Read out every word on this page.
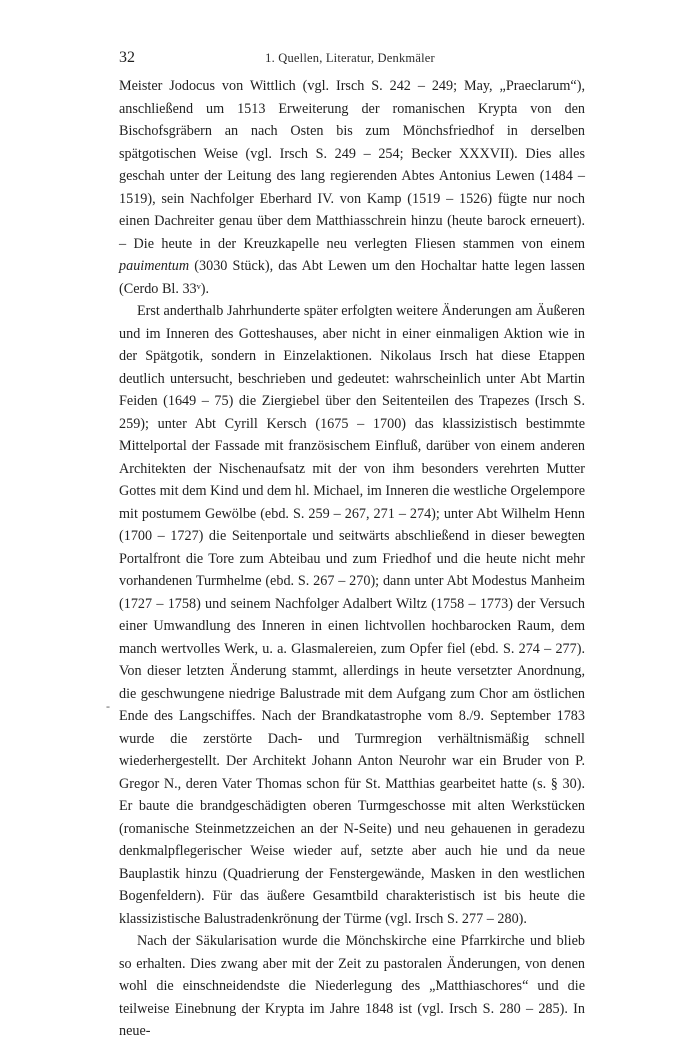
32	1. Quellen, Literatur, Denkmäler
-

Meister Jodocus von Wittlich (vgl. Irsch S. 242 – 249; May, „Praeclarum“), anschließend um 1513 Erweiterung der romanischen Krypta von den Bischofsgräbern an nach Osten bis zum Mönchsfriedhof in derselben spätgotischen Weise (vgl. Irsch S. 249 – 254; Becker XXXVII). Dies alles geschah unter der Leitung des lang regierenden Abtes Antonius Lewen (1484 – 1519), sein Nachfolger Eberhard IV. von Kamp (1519 – 1526) fügte nur noch einen Dachreiter genau über dem Matthiasschrein hinzu (heute barock erneuert). – Die heute in der Kreuzkapelle neu verlegten Fliesen stammen von einem pauimentum (3030 Stück), das Abt Lewen um den Hochaltar hatte legen lassen (Cerdo Bl. 33ᵛ).

Erst anderthalb Jahrhunderte später erfolgten weitere Änderungen am Äußeren und im Inneren des Gotteshauses, aber nicht in einer einmaligen Aktion wie in der Spätgotik, sondern in Einzelaktionen. Nikolaus Irsch hat diese Etappen deutlich untersucht, beschrieben und gedeutet: wahrscheinlich unter Abt Martin Feiden (1649 – 75) die Ziergiebel über den Seitenteilen des Trapezes (Irsch S. 259); unter Abt Cyrill Kersch (1675 – 1700) das klassizistisch bestimmte Mittelportal der Fassade mit französischem Einfluß, darüber von einem anderen Architekten der Nischenaufsatz mit der von ihm besonders verehrten Mutter Gottes mit dem Kind und dem hl. Michael, im Inneren die westliche Orgelempore mit postumem Gewölbe (ebd. S. 259 – 267, 271 – 274); unter Abt Wilhelm Henn (1700 – 1727) die Seitenportale und seitwärts abschließend in dieser bewegten Portalfront die Tore zum Abteibau und zum Friedhof und die heute nicht mehr vorhandenen Turmhelme (ebd. S. 267 – 270); dann unter Abt Modestus Manheim (1727 – 1758) und seinem Nachfolger Adalbert Wiltz (1758 – 1773) der Versuch einer Umwandlung des Inneren in einen lichtvollen hochbarocken Raum, dem manch wertvolles Werk, u. a. Glasmalereien, zum Opfer fiel (ebd. S. 274 – 277). Von dieser letzten Änderung stammt, allerdings in heute versetzter Anordnung, die geschwungene niedrige Balustrade mit dem Aufgang zum Chor am östlichen Ende des Langschiffes. Nach der Brandkatastrophe vom 8./9. September 1783 wurde die zerstörte Dach- und Turmregion verhältnismäßig schnell wiederhergestellt. Der Architekt Johann Anton Neurohr war ein Bruder von P. Gregor N., deren Vater Thomas schon für St. Matthias gearbeitet hatte (s. § 30). Er baute die brandgeschädigten oberen Turmgeschosse mit alten Werkstücken (romanische Steinmetzzeichen an der N-Seite) und neu gehauenen in geradezu denkmalpflegerischer Weise wieder auf, setzte aber auch hie und da neue Bauplastik hinzu (Quadrierung der Fenstergewände, Masken in den westlichen Bogenfeldern). Für das äußere Gesamtbild charakteristisch ist bis heute die klassizistische Balustradenkrönung der Türme (vgl. Irsch S. 277 – 280).

Nach der Säkularisation wurde die Mönchskirche eine Pfarrkirche und blieb so erhalten. Dies zwang aber mit der Zeit zu pastoralen Änderungen, von denen wohl die einschneidendste die Niederlegung des „Matthiaschores“ und die teilweise Einebnung der Krypta im Jahre 1848 ist (vgl. Irsch S. 280 – 285). In neue-
